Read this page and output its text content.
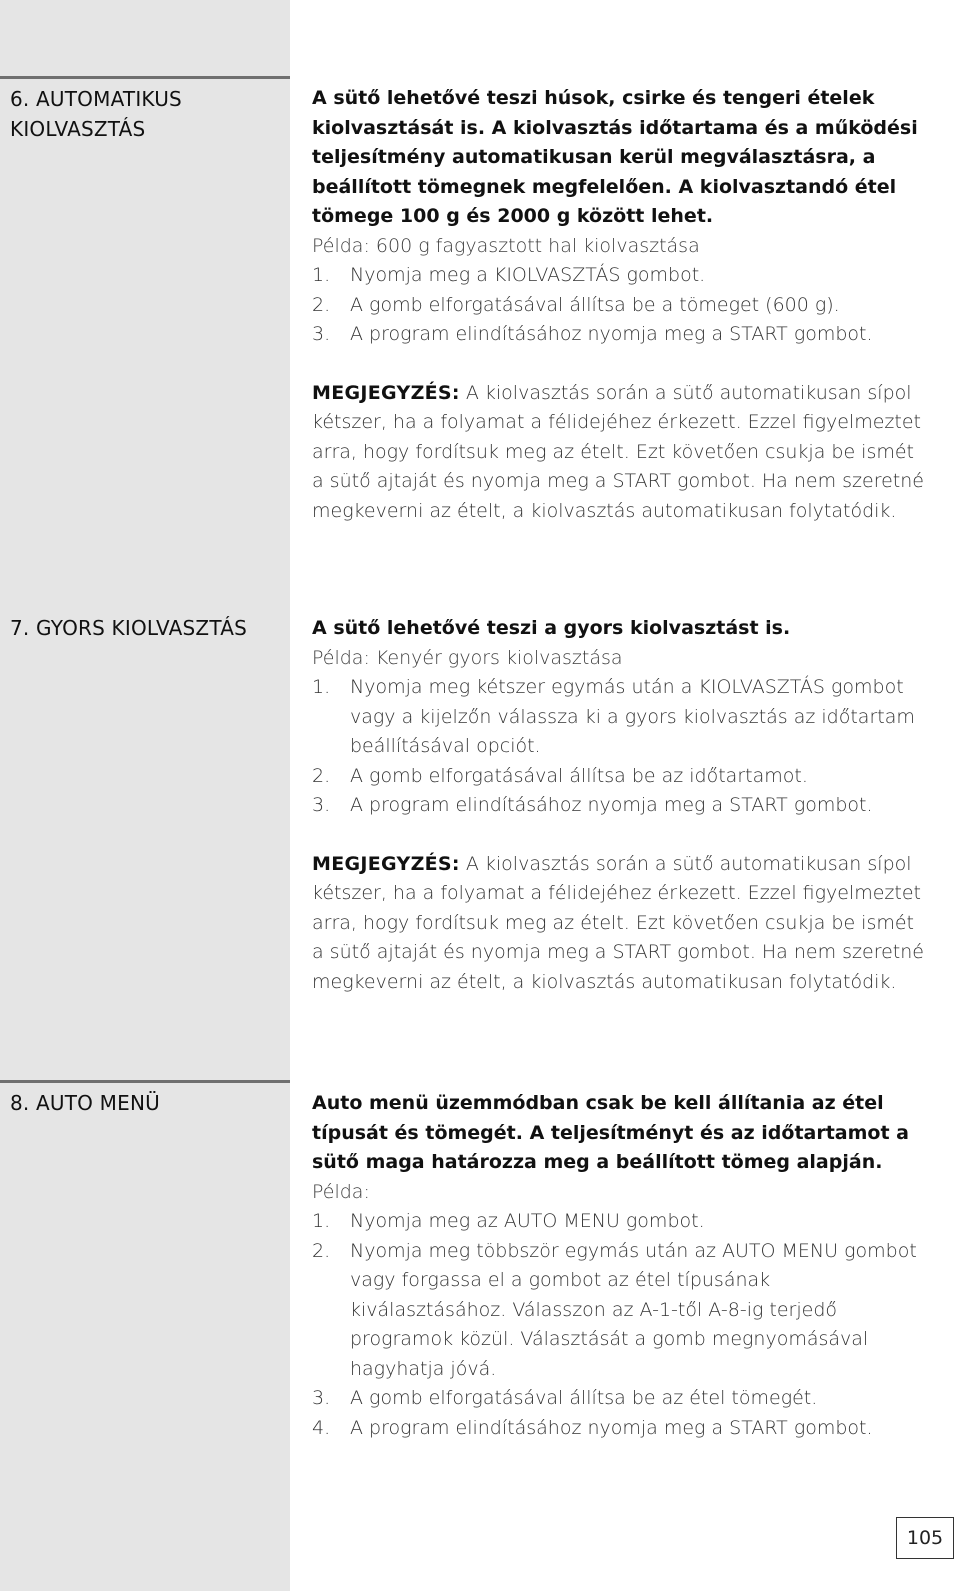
6. AUTOMATIKUS
KIOLVASZTÁS

A sütő lehetővé teszi húsok, csirke és tengeri ételek kiolvasztását is. A kiolvasztás időtartama és a működési teljesítmény automatikusan kerül megválasztásra, a beállított tömegnek megfelelően. A kiolvasztandó étel tömege 100 g és 2000 g között lehet.

Példa: 600 g fagyasztott hal kiolvasztása

1.	Nyomja meg a KIOLVASZTÁS gombot.
2.	A gomb elforgatásával állítsa be a tömeget (600 g).
3.	A program elindításához nyomja meg a START gombot.

MEGJEGYZÉS: A kiolvasztás során a sütő automatikusan sípol kétszer, ha a folyamat a félidejéhez érkezett. Ezzel figyelmeztet arra, hogy fordítsuk meg az ételt. Ezt követően csukja be ismét a sütő ajtaját és nyomja meg a START gombot. Ha nem szeretné megkeverni az ételt, a kiolvasztás automatikusan folytatódik.

7. GYORS KIOLVASZTÁS	A sütő lehetővé teszi a gyors kiolvasztást is.

Példa: Kenyér gyors kiolvasztása

1.	Nyomja meg kétszer egymás után a KIOLVASZTÁS gombot vagy a kijelzőn válassza ki a gyors kiolvasztás az időtartam beállításával opciót.
2.	A gomb elforgatásával állítsa be az időtartamot.
3.	A program elindításához nyomja meg a START gombot.

MEGJEGYZÉS: A kiolvasztás során a sütő automatikusan sípol kétszer, ha a folyamat a félidejéhez érkezett. Ezzel figyelmeztet arra, hogy fordítsuk meg az ételt. Ezt követően csukja be ismét a sütő ajtaját és nyomja meg a START gombot. Ha nem szeretné megkeverni az ételt, a kiolvasztás automatikusan folytatódik.

8. AUTO MENÜ	Auto menü üzemmódban csak be kell állítania az étel típusát és tömegét. A teljesítményt és az időtartamot a sütő maga határozza meg a beállított tömeg alapján.

Példa:

1.	Nyomja meg az AUTO MENU gombot.
2.	Nyomja meg többször egymás után az AUTO MENU gombot vagy forgassa el a gombot az étel típusának kiválasztásához. Válasszon az A-1-től A-8-ig terjedő programok közül. Választását a gomb megnyomásával hagyhatja jóvá.
3.	A gomb elforgatásával állítsa be az étel tömegét.
4.	A program elindításához nyomja meg a START gombot.
105
